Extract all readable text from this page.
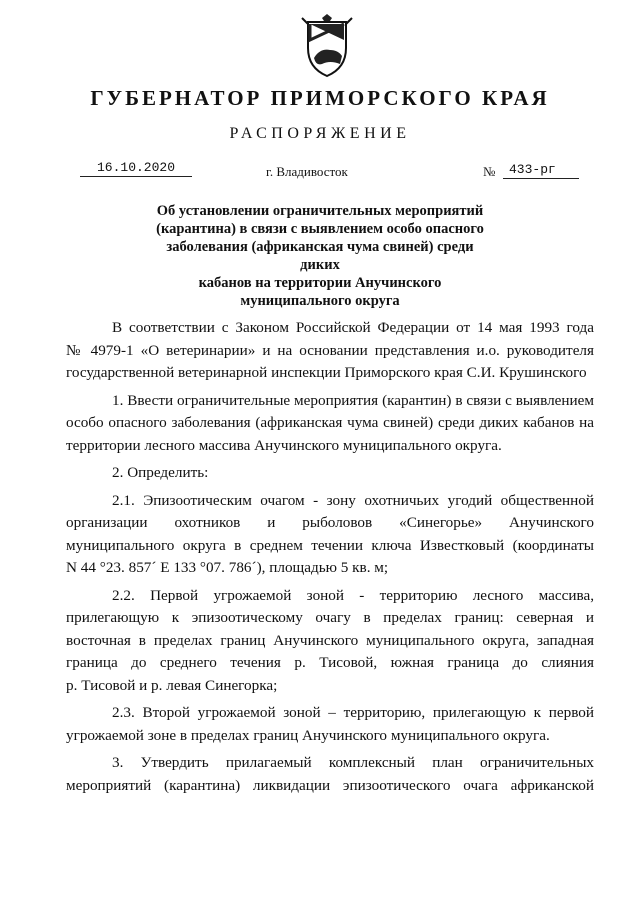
ГУБЕРНАТОР ПРИМОРСКОГО КРАЯ
РАСПОРЯЖЕНИЕ
16.10.2020	г. Владивосток	№	433-рг
Об установлении ограничительных мероприятий
(карантина) в связи с выявлением особо опасного
заболевания (африканская чума свиней) среди диких
кабанов на территории Анучинского
муниципального округа

В соответствии с Законом Российской Федерации от 14 мая 1993 года
№ 4979-1 «О ветеринарии» и на основании представления и.о. руководителя
государственной ветеринарной инспекции Приморского края С.И. Крушинского

1. Ввести ограничительные мероприятия (карантин) в связи с выявлением
особо опасного заболевания (африканская чума свиней) среди диких кабанов на
территории лесного массива Анучинского муниципального округа.

2. Определить:

2.1. Эпизоотическим очагом - зону охотничьих угодий общественной
организации охотников и рыболовов «Синегорье» Анучинского
муниципального округа в среднем течении ключа Известковый (координаты
N 44 °23. 857´ E 133 °07. 786´), площадью 5 кв. м;

2.2. Первой угрожаемой зоной - территорию лесного массива,
прилегающую к эпизоотическому очагу в пределах границ: северная и
восточная в пределах границ Анучинского муниципального округа, западная
граница до среднего течения р. Тисовой, южная граница до слияния
р. Тисовой и р. левая Синегорка;

2.3. Второй угрожаемой зоной – территорию, прилегающую к первой
угрожаемой зоне в пределах границ Анучинского муниципального округа.

3. Утвердить прилагаемый комплексный план ограничительных
мероприятий (карантина) ликвидации эпизоотического очага африканской
